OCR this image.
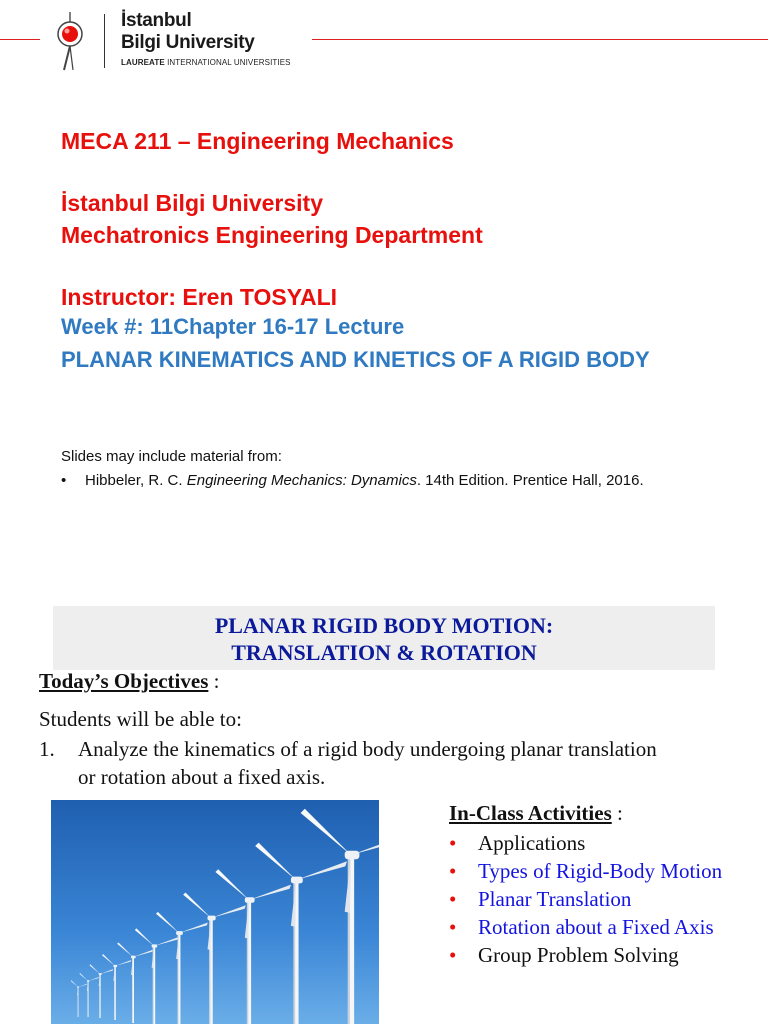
İstanbul
Bilgi University
LAUREATE INTERNATIONAL UNIVERSITIES
MECA 211 – Engineering Mechanics
İstanbul Bilgi University
Mechatronics Engineering Department
Instructor: Eren TOSYALI
Week #: 11Chapter 16-17 Lecture
PLANAR KINEMATICS AND KINETICS OF A RIGID BODY
Slides may include material from:
• Hibbeler, R. C. Engineering Mechanics: Dynamics. 14th Edition. Prentice Hall, 2016.
PLANAR RIGID BODY MOTION:
TRANSLATION & ROTATION
Today’s Objectives :
Students will be able to:
1. Analyze the kinematics of a rigid body undergoing planar translation or rotation about a fixed axis.
In-Class Activities :
• Applications
• Types of Rigid-Body Motion
• Planar Translation
• Rotation about a Fixed Axis
• Group Problem Solving
